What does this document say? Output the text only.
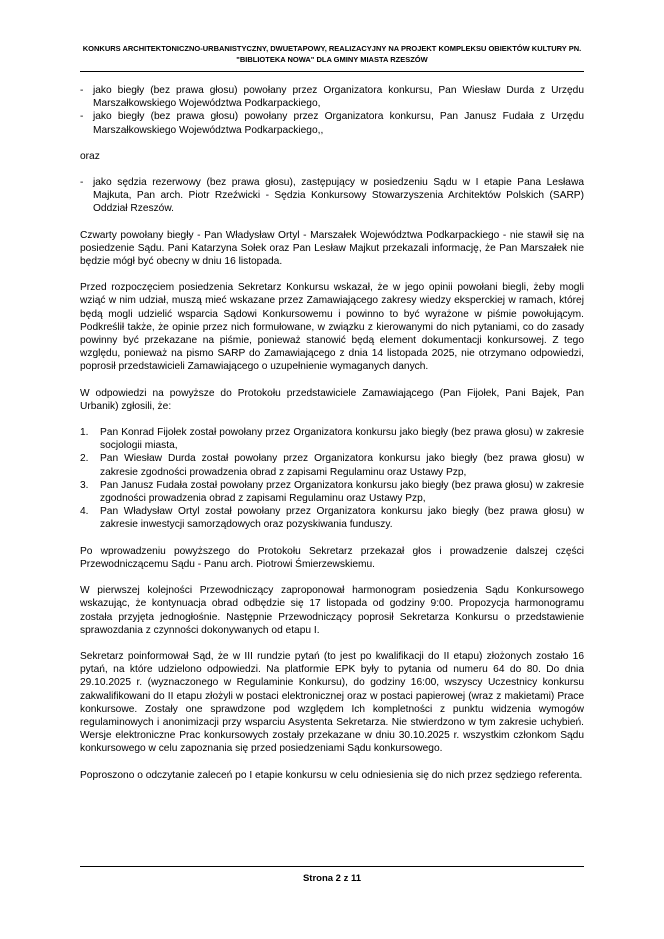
KONKURS ARCHITEKTONICZNO-URBANISTYCZNY, DWUETAPOWY, REALIZACYJNY NA PROJEKT KOMPLEKSU OBIEKTÓW KULTURY PN.
"BIBLIOTEKA NOWA" DLA GMINY MIASTA RZESZÓW
- jako biegły (bez prawa głosu) powołany przez Organizatora konkursu, Pan Wiesław Durda z Urzędu Marszałkowskiego Województwa Podkarpackiego,
- jako biegły (bez prawa głosu) powołany przez Organizatora konkursu, Pan Janusz Fudała z Urzędu Marszałkowskiego Województwa Podkarpackiego,,

oraz

- jako sędzia rezerwowy (bez prawa głosu), zastępujący w posiedzeniu Sądu w I etapie Pana Lesława Majkuta, Pan arch. Piotr Rzeźwicki - Sędzia Konkursowy Stowarzyszenia Architektów Polskich (SARP) Oddział Rzeszów.

Czwarty powołany biegły - Pan Władysław Ortyl - Marszałek Województwa Podkarpackiego - nie stawił się na posiedzenie Sądu. Pani Katarzyna Sołek oraz Pan Lesław Majkut przekazali informację, że Pan Marszałek nie będzie mógł być obecny w dniu 16 listopada.

Przed rozpoczęciem posiedzenia Sekretarz Konkursu wskazał, że w jego opinii powołani biegli, żeby mogli wziąć w nim udział, muszą mieć wskazane przez Zamawiającego zakresy wiedzy eksperckiej w ramach, której będą mogli udzielić wsparcia Sądowi Konkursowemu i powinno to być wyrażone w piśmie powołującym. Podkreślił także, że opinie przez nich formułowane, w związku z kierowanymi do nich pytaniami, co do zasady powinny być przekazane na piśmie, ponieważ stanowić będą element dokumentacji konkursowej. Z tego względu, ponieważ na pismo SARP do Zamawiającego z dnia 14 listopada 2025, nie otrzymano odpowiedzi, poprosił przedstawicieli Zamawiającego o uzupełnienie wymaganych danych.

W odpowiedzi na powyższe do Protokołu przedstawiciele Zamawiającego (Pan Fijołek, Pani Bajek, Pan Urbanik) zgłosili, że:

1.	Pan Konrad Fijołek został powołany przez Organizatora konkursu jako biegły (bez prawa głosu) w zakresie socjologii miasta,
2.	Pan Wiesław Durda został powołany przez Organizatora konkursu jako biegły (bez prawa głosu) w zakresie zgodności prowadzenia obrad z zapisami Regulaminu oraz Ustawy Pzp,
3.	Pan Janusz Fudała został powołany przez Organizatora konkursu jako biegły (bez prawa głosu) w zakresie zgodności prowadzenia obrad z zapisami Regulaminu oraz Ustawy Pzp,
4.	Pan Władysław Ortyl został powołany przez Organizatora konkursu jako biegły (bez prawa głosu) w zakresie inwestycji samorządowych oraz pozyskiwania funduszy.

Po wprowadzeniu powyższego do Protokołu Sekretarz przekazał głos i prowadzenie dalszej części Przewodniczącemu Sądu - Panu arch. Piotrowi Śmierzewskiemu.

W pierwszej kolejności Przewodniczący zaproponował harmonogram posiedzenia Sądu Konkursowego wskazując, że kontynuacja obrad odbędzie się 17 listopada od godziny 9:00. Propozycja harmonogramu została przyjęta jednogłośnie. Następnie Przewodniczący poprosił Sekretarza Konkursu o przedstawienie sprawozdania z czynności dokonywanych od etapu I.

Sekretarz poinformował Sąd, że w III rundzie pytań (to jest po kwalifikacji do II etapu) złożonych zostało 16 pytań, na które udzielono odpowiedzi. Na platformie EPK były to pytania od numeru 64 do 80. Do dnia 29.10.2025 r. (wyznaczonego w Regulaminie Konkursu), do godziny 16:00, wszyscy Uczestnicy konkursu zakwalifikowani do II etapu złożyli w postaci elektronicznej oraz w postaci papierowej (wraz z makietami) Prace konkursowe. Zostały one sprawdzone pod względem Ich kompletności z punktu widzenia wymogów regulaminowych i anonimizacji przy wsparciu Asystenta Sekretarza. Nie stwierdzono w tym zakresie uchybień. Wersje elektroniczne Prac konkursowych zostały przekazane w dniu 30.10.2025 r. wszystkim członkom Sądu konkursowego w celu zapoznania się przed posiedzeniami Sądu konkursowego.

Poproszono o odczytanie zaleceń po I etapie konkursu w celu odniesienia się do nich przez sędziego referenta.

Strona 2 z 11
